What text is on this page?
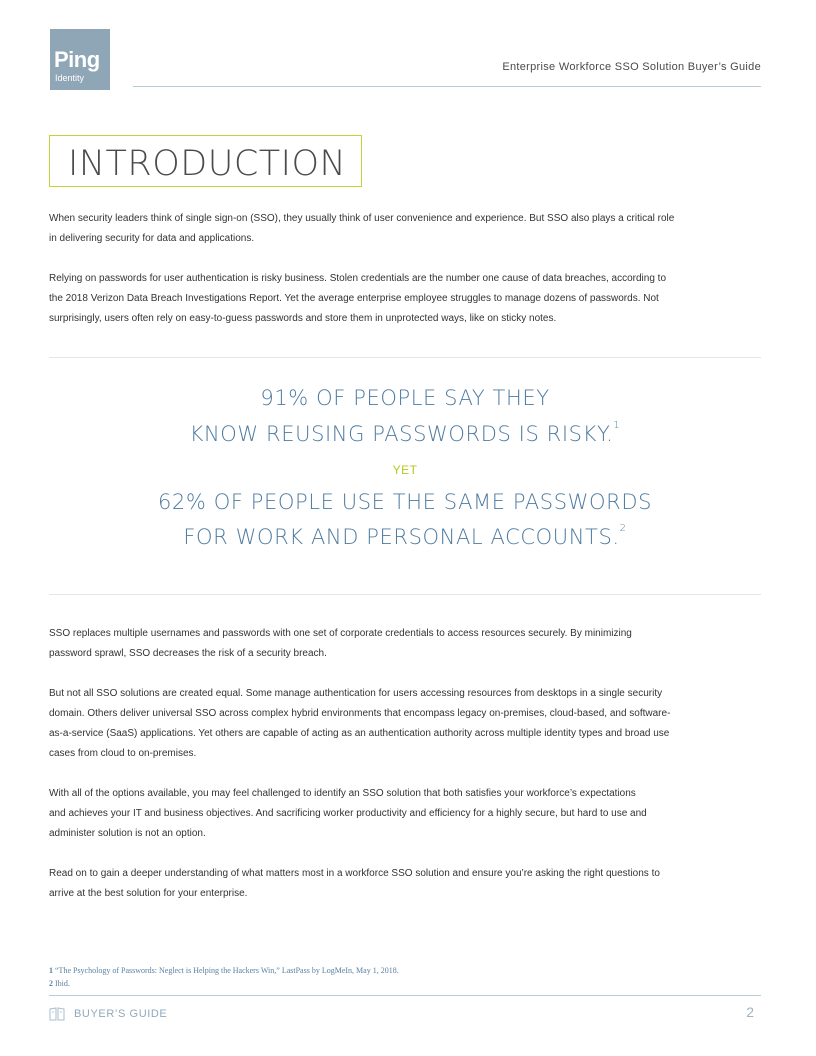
Ping
Identity
Enterprise Workforce SSO Solution Buyer’s Guide
INTRODUCTION
When security leaders think of single sign-on (SSO), they usually think of user convenience and experience. But SSO also plays a critical role
in delivering security for data and applications.
Relying on passwords for user authentication is risky business. Stolen credentials are the number one cause of data breaches, according to
the 2018 Verizon Data Breach Investigations Report. Yet the average enterprise employee struggles to manage dozens of passwords. Not
surprisingly, users often rely on easy-to-guess passwords and store them in unprotected ways, like on sticky notes.
91% OF PEOPLE SAY THEY
KNOW REUSING PASSWORDS IS RISKY.$^1$
YET
62% OF PEOPLE USE THE SAME PASSWORDS
FOR WORK AND PERSONAL ACCOUNTS.$^2$
SSO replaces multiple usernames and passwords with one set of corporate credentials to access resources securely. By minimizing
password sprawl, SSO decreases the risk of a security breach.
But not all SSO solutions are created equal. Some manage authentication for users accessing resources from desktops in a single security
domain. Others deliver universal SSO across complex hybrid environments that encompass legacy on-premises, cloud-based, and software-
as-a-service (SaaS) applications. Yet others are capable of acting as an authentication authority across multiple identity types and broad use
cases from cloud to on-premises.
With all of the options available, you may feel challenged to identify an SSO solution that both satisfies your workforce’s expectations
and achieves your IT and business objectives. And sacrificing worker productivity and efficiency for a highly secure, but hard to use and
administer solution is not an option.
Read on to gain a deeper understanding of what matters most in a workforce SSO solution and ensure you’re asking the right questions to
arrive at the best solution for your enterprise.
1 “The Psychology of Passwords: Neglect is Helping the Hackers Win,” LastPass by LogMeIn, May 1, 2018.
2 Ibid.
BUYER’S GUIDE	2
